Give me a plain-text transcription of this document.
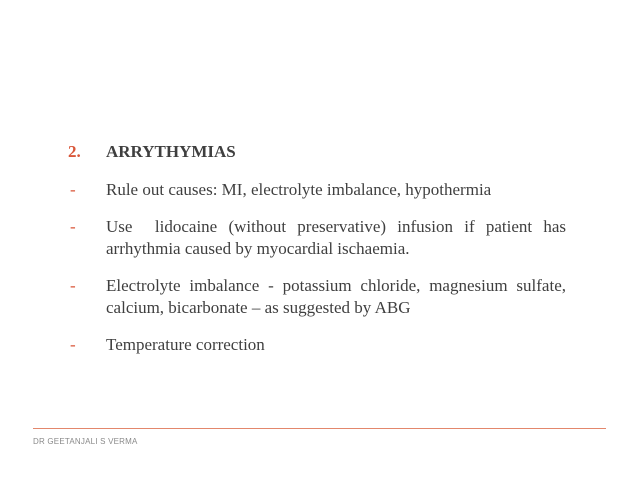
2. ARRYTHYMIAS
- Rule out causes: MI, electrolyte imbalance, hypothermia
- Use  lidocaine (without preservative) infusion if patient has arrhythmia caused by myocardial ischaemia.
- Electrolyte imbalance - potassium chloride, magnesium sulfate, calcium, bicarbonate – as suggested by ABG
- Temperature correction
DR GEETANJALI S VERMA
